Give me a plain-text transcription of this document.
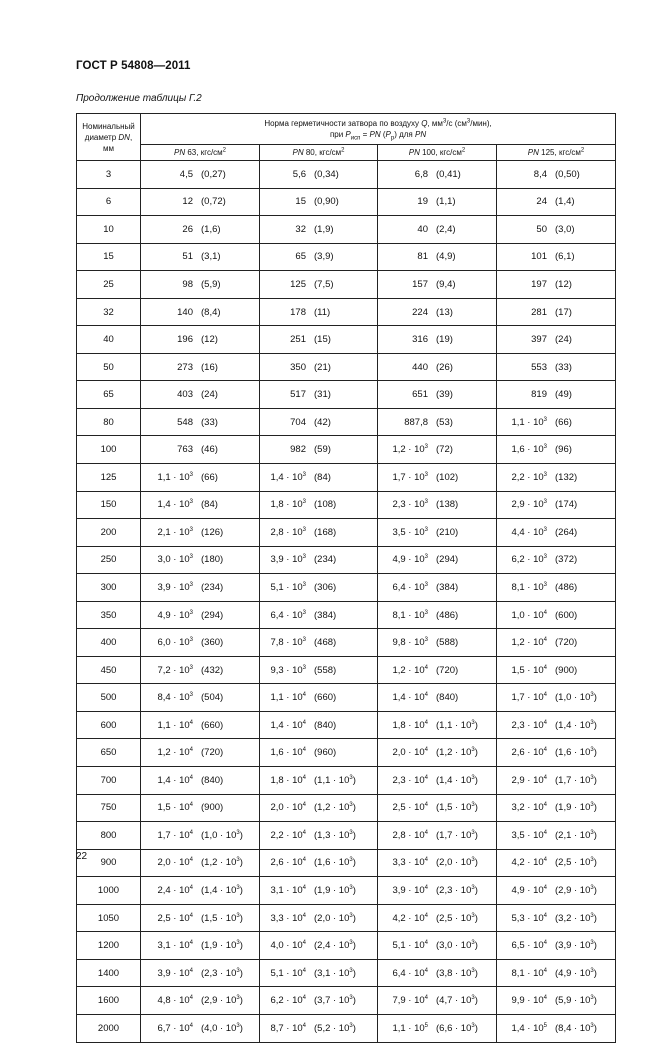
ГОСТ Р 54808—2011
Продолжение таблицы Г.2
Номинальный
диаметр DN,
мм	Норма герметичности затвора по воздуху Q, $мм^3/с$ $(см^3/мин)$,
при $P_{исп}$ = PN $(P_р)$ для PN			
	PN 63, кгс/$см^2$	PN 80, кгс/$см^2$	PN 100, кгс/$см^2$	PN 125, кгс/$см^2$
3	4,5 (0,27)	5,6 (0,34)	6,8 (0,41)	8,4 (0,50)

6	12 (0,72)	15 (0,90)	19 (1,1)	24 (1,4)

10	26 (1,6)	32 (1,9)	40 (2,4)	50 (3,0)

15	51 (3,1)	65 (3,9)	81 (4,9)	101 (6,1)

25	98 (5,9)	125 (7,5)	157 (9,4)	197 (12)

32	140 (8,4)	178 (11)	224 (13)	281 (17)

40	196 (12)	251 (15)	316 (19)	397 (24)

50	273 (16)	350 (21)	440 (26)	553 (33)

65	403 (24)	517 (31)	651 (39)	819 (49)

80	548 (33)	704 (42)	887,8 (53)	$1,1 \cdot 10^3$ (66)

100	763 (46)	982 (59)	$1,2 \cdot 10^3$ (72)	$1,6 \cdot 10^3$ (96)

125	$1,1 \cdot 10^3$ (66)	$1,4 \cdot 10^3$ (84)	$1,7 \cdot 10^3$ (102)	$2,2 \cdot 10^3$ (132)

150	$1,4 \cdot 10^3$ (84)	$1,8 \cdot 10^3$ (108)	$2,3 \cdot 10^3$ (138)	$2,9 \cdot 10^3$ (174)

200	$2,1 \cdot 10^3$ (126)	$2,8 \cdot 10^3$ (168)	$3,5 \cdot 10^3$ (210)	$4,4 \cdot 10^3$ (264)

250	$3,0 \cdot 10^3$ (180)	$3,9 \cdot 10^3$ (234)	$4,9 \cdot 10^3$ (294)	$6,2 \cdot 10^3$ (372)

300	$3,9 \cdot 10^3$ (234)	$5,1 \cdot 10^3$ (306)	$6,4 \cdot 10^3$ (384)	$8,1 \cdot 10^3$ (486)

350	$4,9 \cdot 10^3$ (294)	$6,4 \cdot 10^3$ (384)	$8,1 \cdot 10^3$ (486)	$1,0 \cdot 10^4$ (600)

400	$6,0 \cdot 10^3$ (360)	$7,8 \cdot 10^3$ (468)	$9,8 \cdot 10^3$ (588)	$1,2 \cdot 10^4$ (720)

450	$7,2 \cdot 10^3$ (432)	$9,3 \cdot 10^3$ (558)	$1,2 \cdot 10^4$ (720)	$1,5 \cdot 10^4$ (900)

500	$8,4 \cdot 10^3$ (504)	$1,1 \cdot 10^4$ (660)	$1,4 \cdot 10^4$ (840)	$1,7 \cdot 10^4$ $(1,0 \cdot 10^3)$

600	$1,1 \cdot 10^4$ (660)	$1,4 \cdot 10^4$ (840)	$1,8 \cdot 10^4$ $(1,1 \cdot 10^3)$	$2,3 \cdot 10^4$ $(1,4 \cdot 10^3)$

650	$1,2 \cdot 10^4$ (720)	$1,6 \cdot 10^4$ (960)	$2,0 \cdot 10^4$ $(1,2 \cdot 10^3)$	$2,6 \cdot 10^4$ $(1,6 \cdot 10^3)$

700	$1,4 \cdot 10^4$ (840)	$1,8 \cdot 10^4$ $(1,1 \cdot 10^3)$	$2,3 \cdot 10^4$ $(1,4 \cdot 10^3)$	$2,9 \cdot 10^4$ $(1,7 \cdot 10^3)$

750	$1,5 \cdot 10^4$ (900)	$2,0 \cdot 10^4$ $(1,2 \cdot 10^3)$	$2,5 \cdot 10^4$ $(1,5 \cdot 10^3)$	$3,2 \cdot 10^4$ $(1,9 \cdot 10^3)$

800	$1,7 \cdot 10^4$ $(1,0 \cdot 10^3)$	$2,2 \cdot 10^4$ $(1,3 \cdot 10^3)$	$2,8 \cdot 10^4$ $(1,7 \cdot 10^3)$	$3,5 \cdot 10^4$ $(2,1 \cdot 10^3)$

900	$2,0 \cdot 10^4$ $(1,2 \cdot 10^3)$	$2,6 \cdot 10^4$ $(1,6 \cdot 10^3)$	$3,3 \cdot 10^4$ $(2,0 \cdot 10^3)$	$4,2 \cdot 10^4$ $(2,5 \cdot 10^3)$

1000	$2,4 \cdot 10^4$ $(1,4 \cdot 10^3)$	$3,1 \cdot 10^4$ $(1,9 \cdot 10^3)$	$3,9 \cdot 10^4$ $(2,3 \cdot 10^3)$	$4,9 \cdot 10^4$ $(2,9 \cdot 10^3)$

1050	$2,5 \cdot 10^4$ $(1,5 \cdot 10^3)$	$3,3 \cdot 10^4$ $(2,0 \cdot 10^3)$	$4,2 \cdot 10^4$ $(2,5 \cdot 10^3)$	$5,3 \cdot 10^4$ $(3,2 \cdot 10^3)$

1200	$3,1 \cdot 10^4$ $(1,9 \cdot 10^3)$	$4,0 \cdot 10^4$ $(2,4 \cdot 10^3)$	$5,1 \cdot 10^4$ $(3,0 \cdot 10^3)$	$6,5 \cdot 10^4$ $(3,9 \cdot 10^3)$

1400	$3,9 \cdot 10^4$ $(2,3 \cdot 10^3)$	$5,1 \cdot 10^4$ $(3,1 \cdot 10^3)$	$6,4 \cdot 10^4$ $(3,8 \cdot 10^3)$	$8,1 \cdot 10^4$ $(4,9 \cdot 10^3)$

1600	$4,8 \cdot 10^4$ $(2,9 \cdot 10^3)$	$6,2 \cdot 10^4$ $(3,7 \cdot 10^3)$	$7,9 \cdot 10^4$ $(4,7 \cdot 10^3)$	$9,9 \cdot 10^4$ $(5,9 \cdot 10^3)$

2000	$6,7 \cdot 10^4$ $(4,0 \cdot 10^3)$	$8,7 \cdot 10^4$ $(5,2 \cdot 10^3)$	$1,1 \cdot 10^5$ $(6,6 \cdot 10^3)$	$1,4 \cdot 10^5$ $(8,4 \cdot 10^3)$
22
